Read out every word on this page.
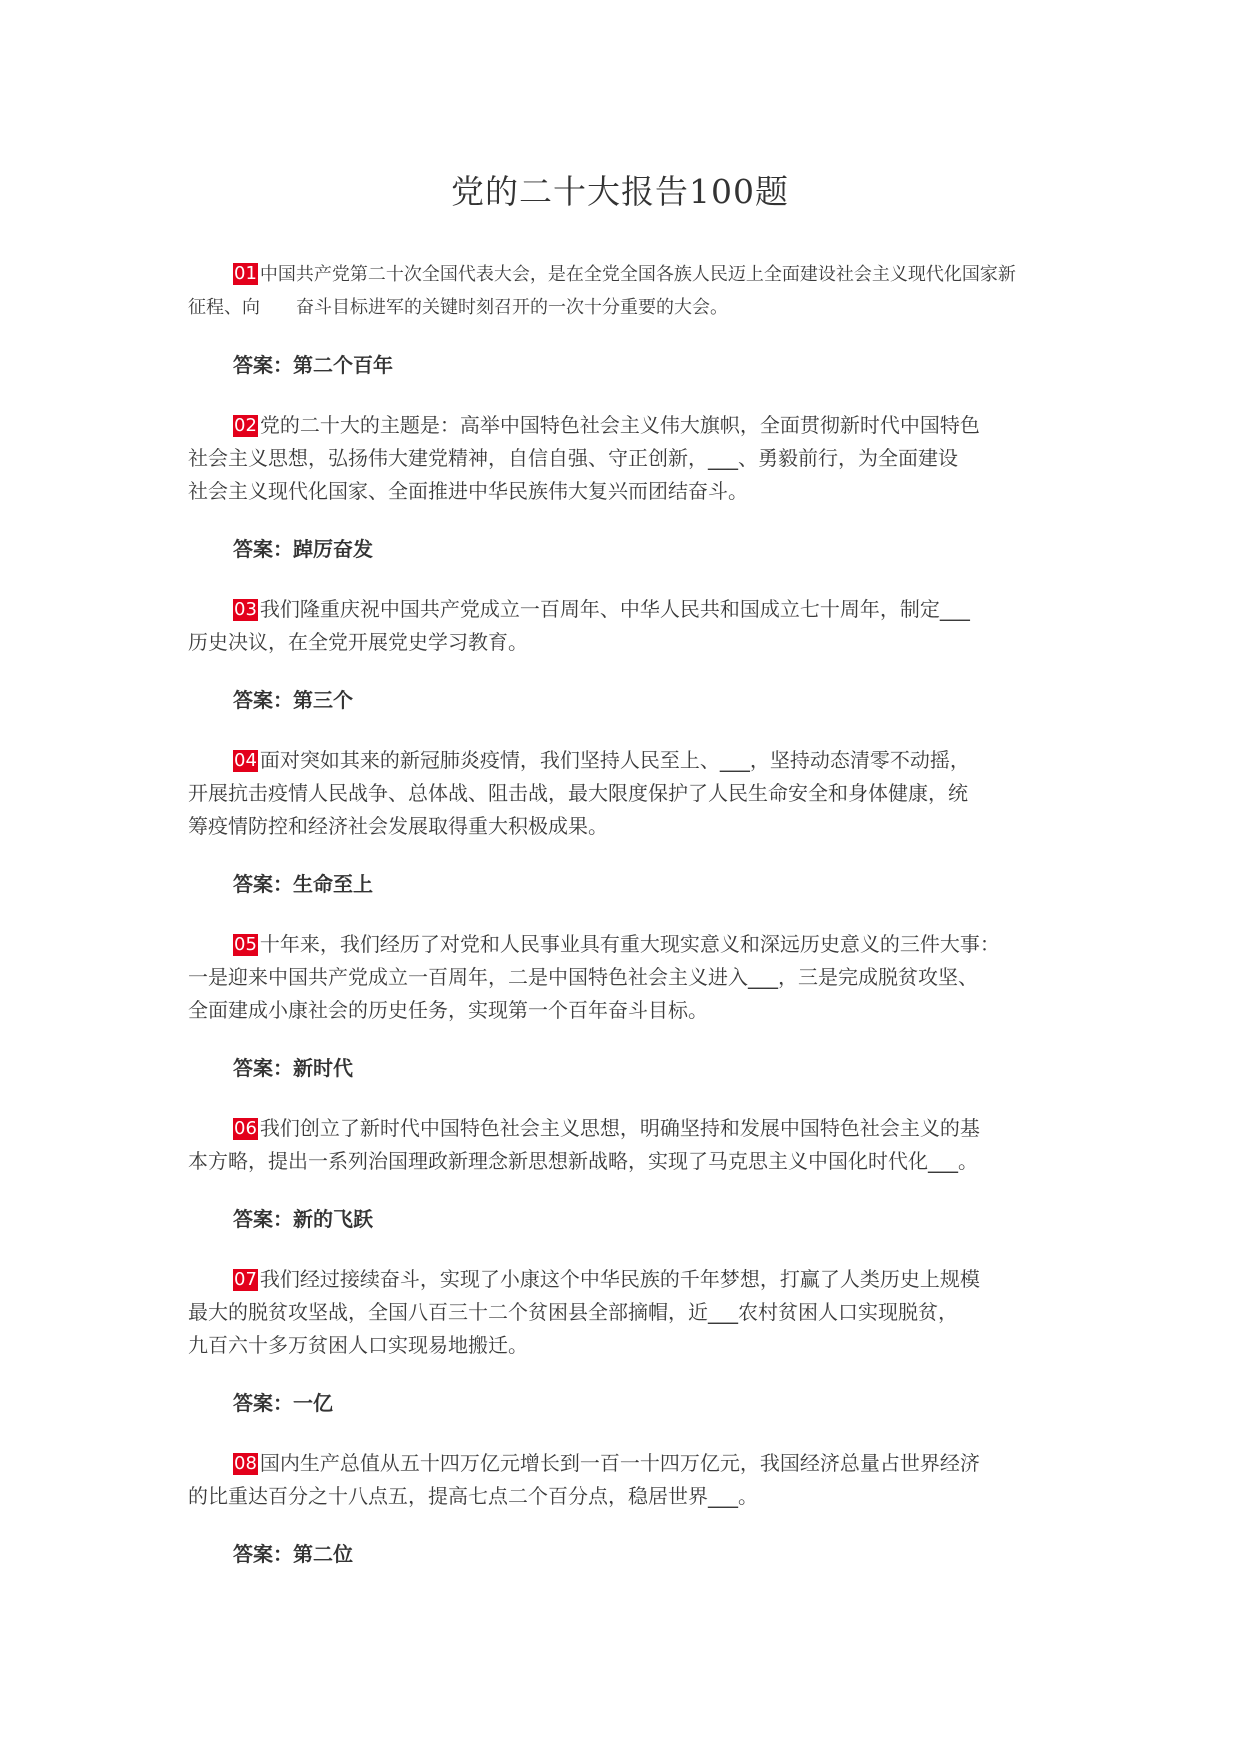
党的二十大报告100题

01 中国共产党第二十次全国代表大会，是在全党全国各族人民迈上全面建设社会主义现代化国家新
征程、向　　奋斗目标进军的关键时刻召开的一次十分重要的大会。

答案：第二个百年

02 党的二十大的主题是：高举中国特色社会主义伟大旗帜，全面贯彻新时代中国特色
社会主义思想，弘扬伟大建党精神，自信自强、守正创新，___、勇毅前行，为全面建设
社会主义现代化国家、全面推进中华民族伟大复兴而团结奋斗。

答案：踔厉奋发

03 我们隆重庆祝中国共产党成立一百周年、中华人民共和国成立七十周年，制定___
历史决议，在全党开展党史学习教育。

答案：第三个

04 面对突如其来的新冠肺炎疫情，我们坚持人民至上、___，坚持动态清零不动摇，
开展抗击疫情人民战争、总体战、阻击战，最大限度保护了人民生命安全和身体健康，统
筹疫情防控和经济社会发展取得重大积极成果。

答案：生命至上

05 十年来，我们经历了对党和人民事业具有重大现实意义和深远历史意义的三件大事：
一是迎来中国共产党成立一百周年，二是中国特色社会主义进入___，三是完成脱贫攻坚、
全面建成小康社会的历史任务，实现第一个百年奋斗目标。

答案：新时代

06 我们创立了新时代中国特色社会主义思想，明确坚持和发展中国特色社会主义的基
本方略，提出一系列治国理政新理念新思想新战略，实现了马克思主义中国化时代化___。

答案：新的飞跃

07 我们经过接续奋斗，实现了小康这个中华民族的千年梦想，打赢了人类历史上规模
最大的脱贫攻坚战，全国八百三十二个贫困县全部摘帽，近___农村贫困人口实现脱贫，
九百六十多万贫困人口实现易地搬迁。

答案：一亿

08 国内生产总值从五十四万亿元增长到一百一十四万亿元，我国经济总量占世界经济
的比重达百分之十八点五，提高七点二个百分点，稳居世界___。

答案：第二位
